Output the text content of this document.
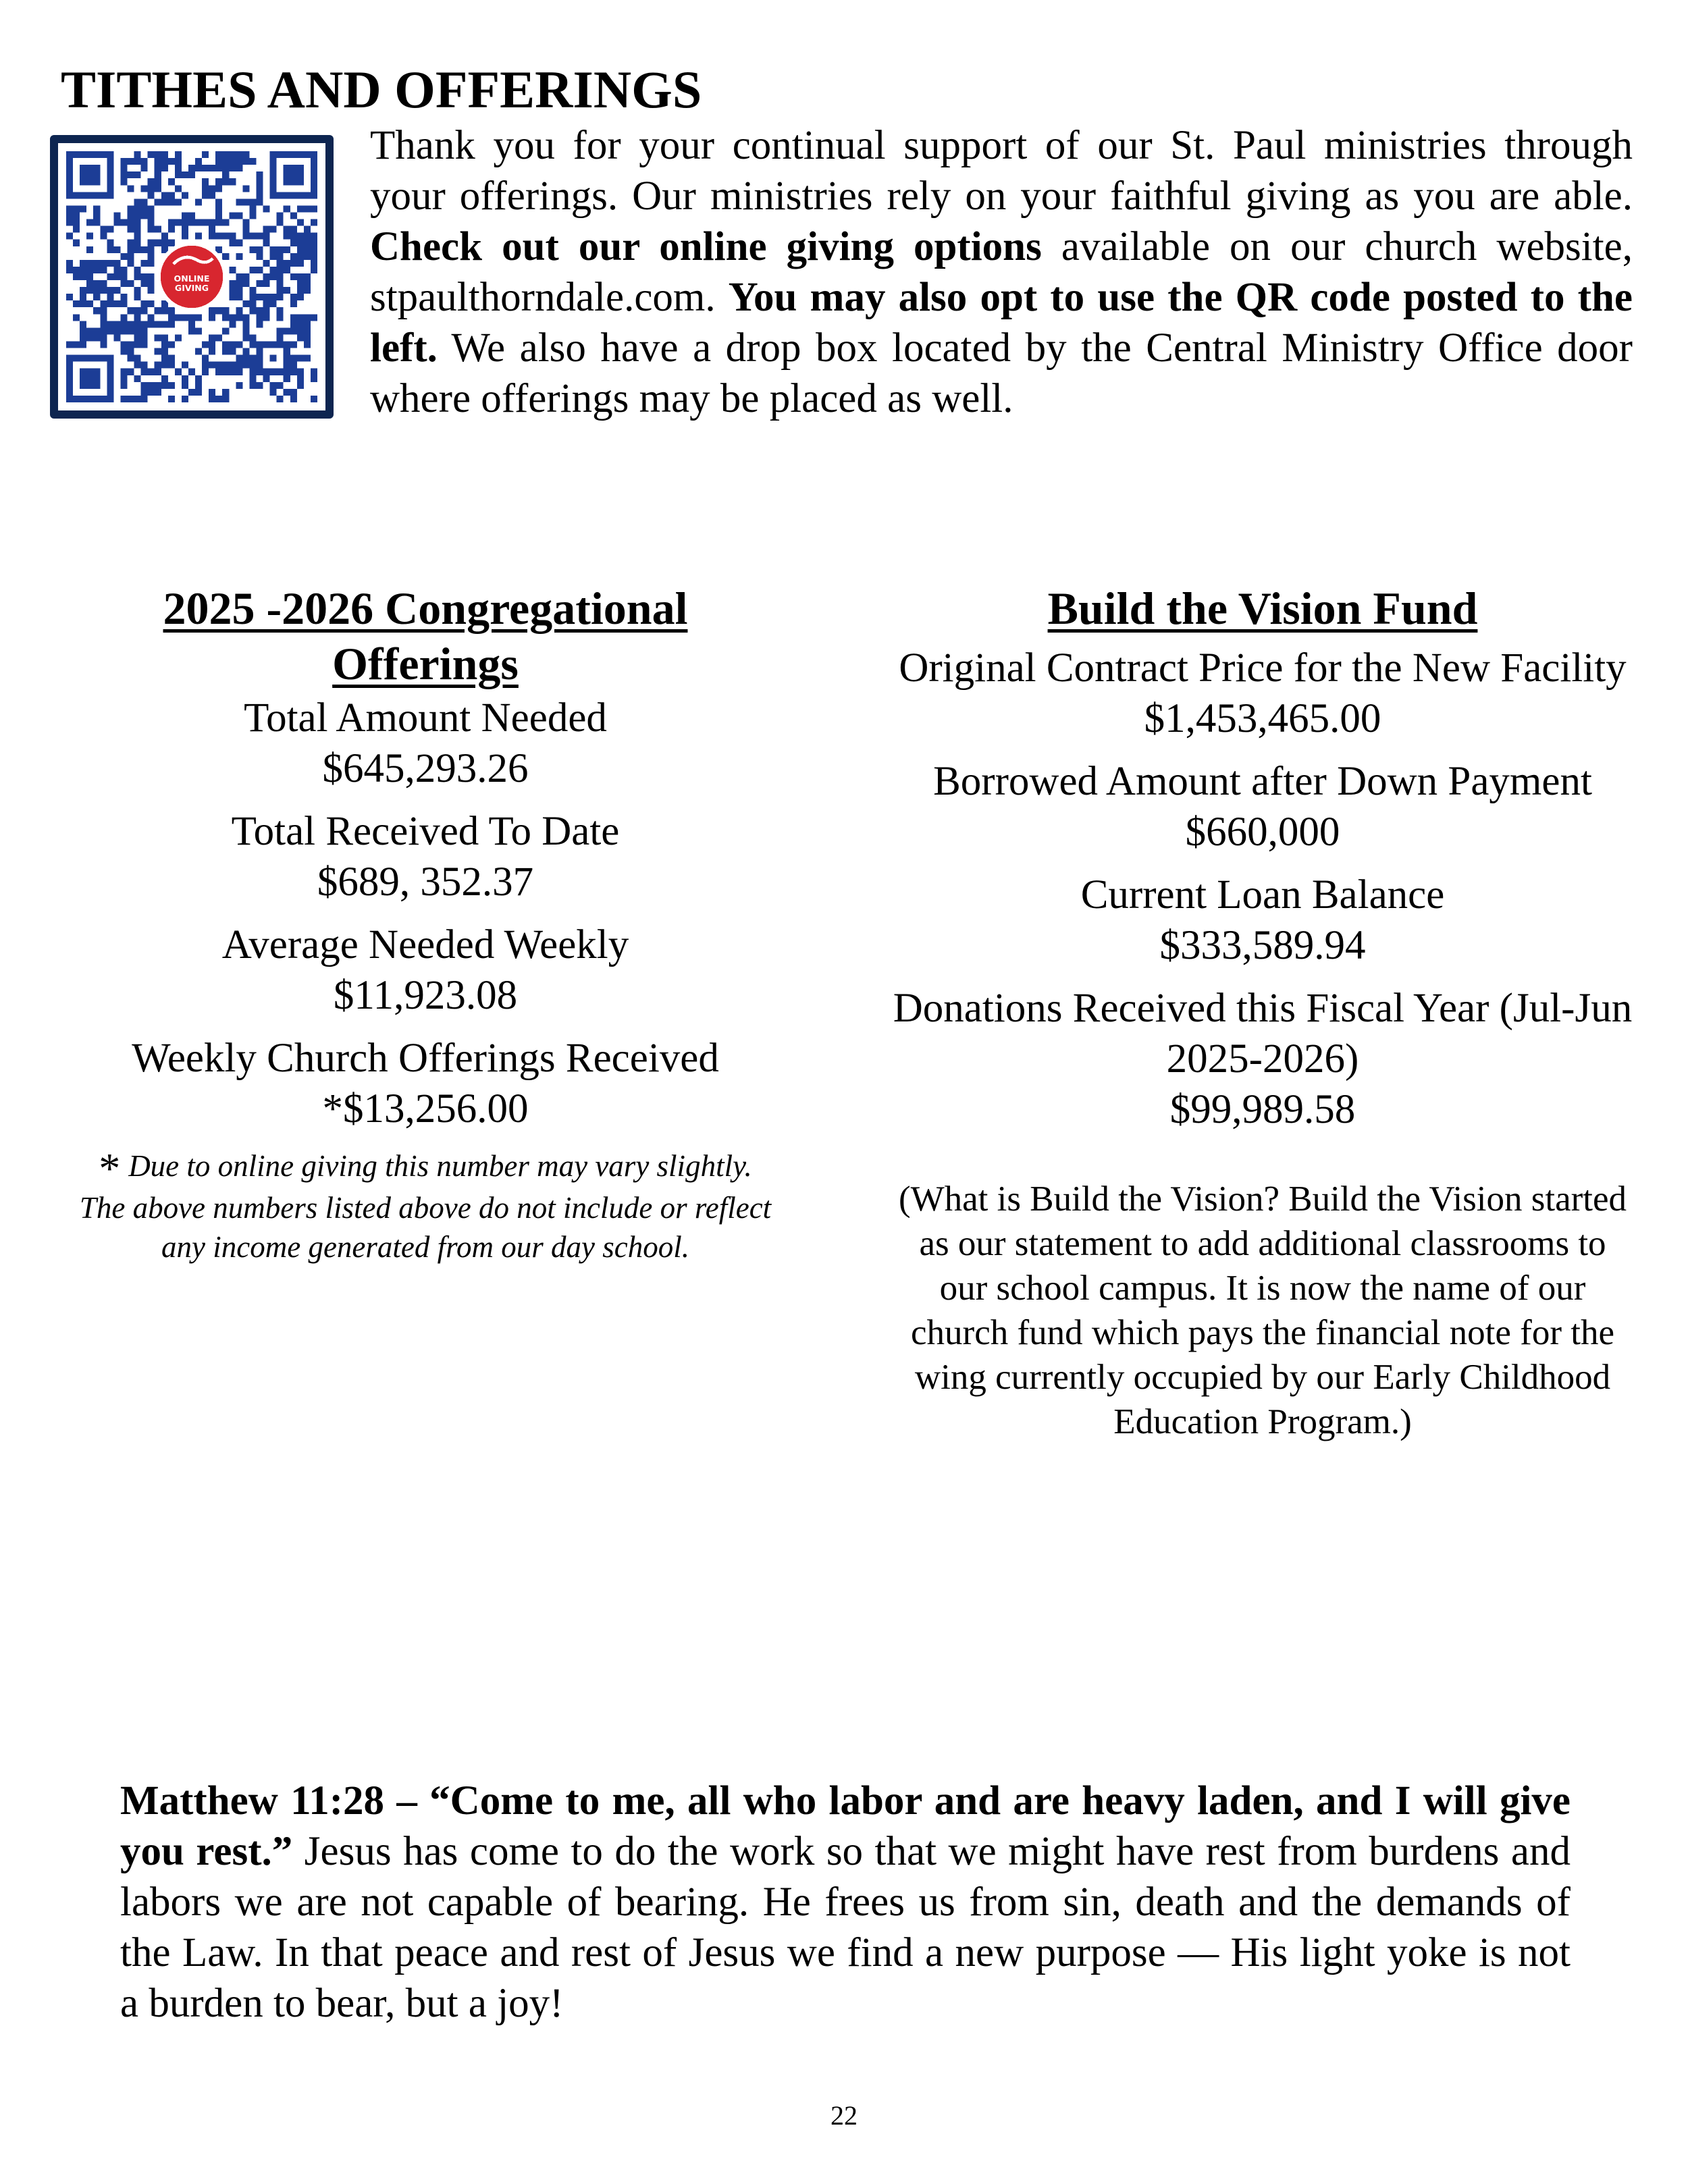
TITHES AND OFFERINGS
ONLINE
GIVING

Thank you for your continual support of our St. Paul ministries through your offerings. Our ministries rely on your faithful giving as you are able. Check out our online giving options available on our church website, stpaulthorndale.com. You may also opt to use the QR code posted to the left. We also have a drop box located by the Central Ministry Office door where offerings may be placed as well.

2025 -2026 Congregational Offerings
Total Amount Needed
$645,293.26
Total Received To Date
$689, 352.37
Average Needed Weekly
$11,923.08
Weekly Church Offerings Received
*$13,256.00
* Due to online giving this number may vary slightly. The above numbers listed above do not include or reflect any income generated from our day school.
Build the Vision Fund
Original Contract Price for the New Facility
$1,453,465.00
Borrowed Amount after Down Payment
$660,000
Current Loan Balance
$333,589.94
Donations Received this Fiscal Year (Jul-Jun 2025-2026)
$99,989.58

(What is Build the Vision? Build the Vision started as our statement to add additional classrooms to our school campus. It is now the name of our church fund which pays the financial note for the wing currently occupied by our Early Childhood Education Program.)

Matthew 11:28 – “Come to me, all who labor and are heavy laden, and I will give you rest.” Jesus has come to do the work so that we might have rest from burdens and labors we are not capable of bearing. He frees us from sin, death and the demands of the Law. In that peace and rest of Jesus we find a new purpose — His light yoke is not a burden to bear, but a joy!

22
